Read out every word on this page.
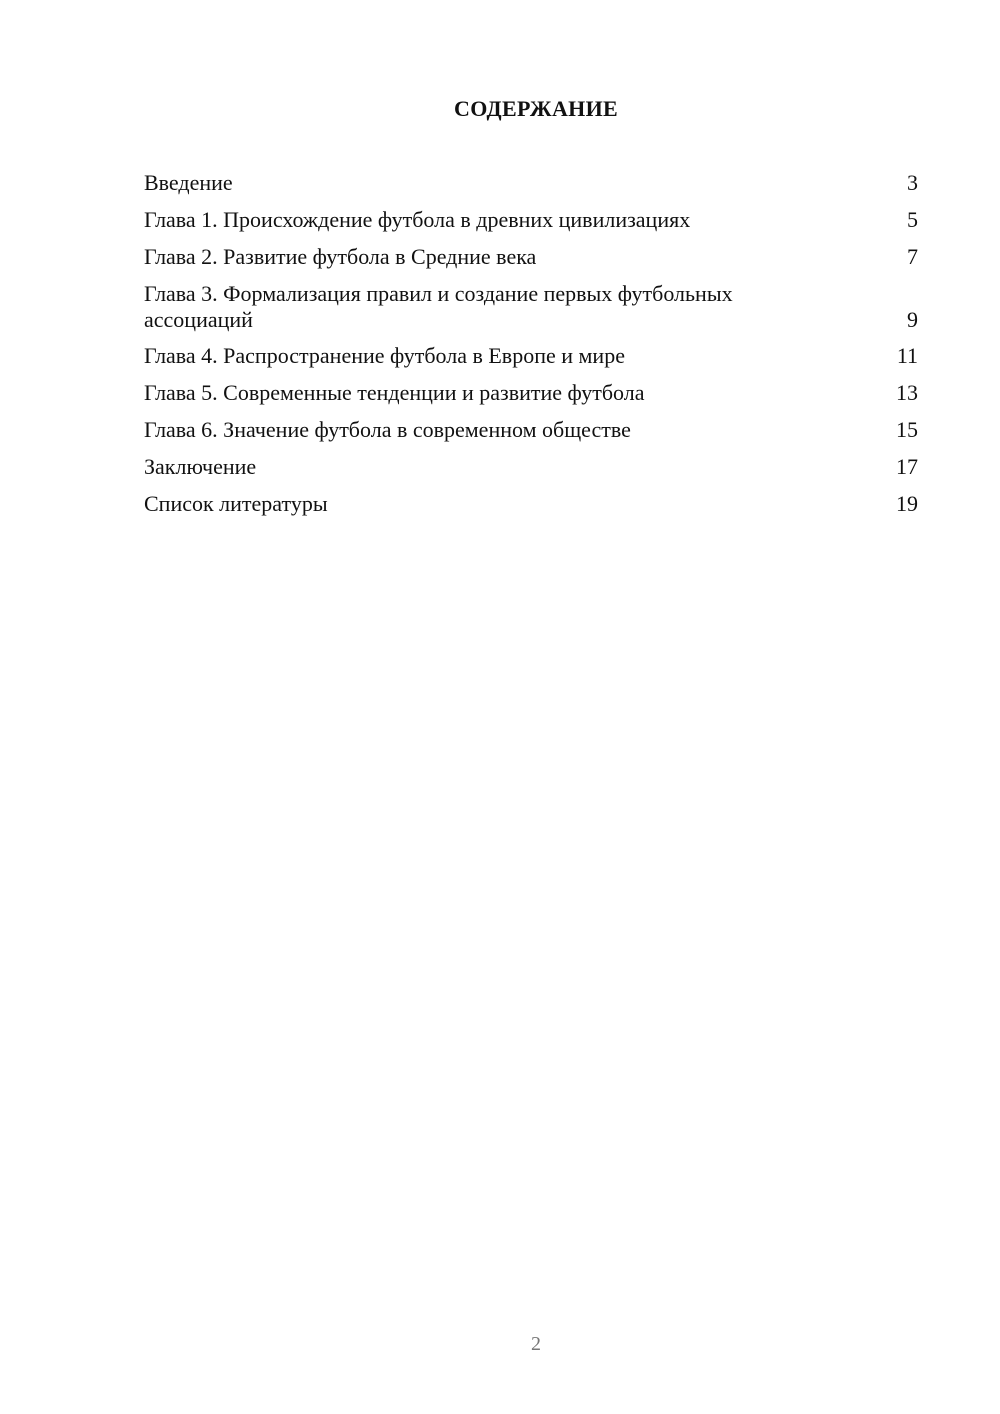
СОДЕРЖАНИЕ
Введение	3
Глава 1. Происхождение футбола в древних цивилизациях	5
Глава 2. Развитие футбола в Средние века	7
Глава 3. Формализация правил и создание первых футбольных
ассоциаций	9
Глава 4. Распространение футбола в Европе и мире	11
Глава 5. Современные тенденции и развитие футбола	13
Глава 6. Значение футбола в современном обществе	15
Заключение	17
Список литературы	19
2
